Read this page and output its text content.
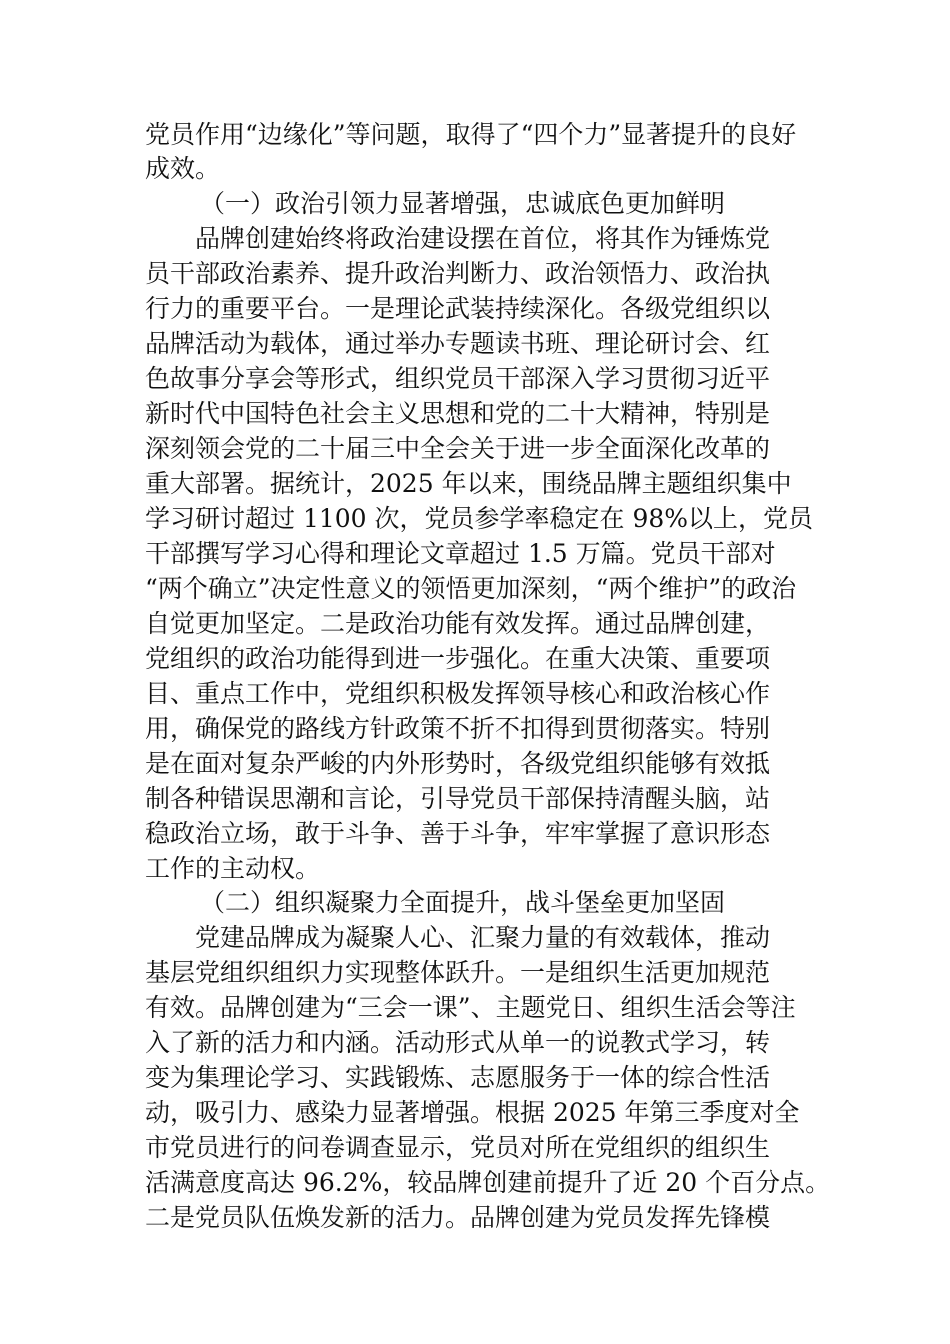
党员作用“边缘化”等问题，取得了“四个力”显著提升的良好
成效。
（一）政治引领力显著增强，忠诚底色更加鲜明
品牌创建始终将政治建设摆在首位，将其作为锤炼党
员干部政治素养、提升政治判断力、政治领悟力、政治执
行力的重要平台。一是理论武装持续深化。各级党组织以
品牌活动为载体，通过举办专题读书班、理论研讨会、红
色故事分享会等形式，组织党员干部深入学习贯彻习近平
新时代中国特色社会主义思想和党的二十大精神，特别是
深刻领会党的二十届三中全会关于进一步全面深化改革的
重大部署。据统计，2025 年以来，围绕品牌主题组织集中
学习研讨超过 1100 次，党员参学率稳定在 98%以上，党员
干部撰写学习心得和理论文章超过 1.5 万篇。党员干部对
“两个确立”决定性意义的领悟更加深刻，“两个维护”的政治
自觉更加坚定。二是政治功能有效发挥。通过品牌创建，
党组织的政治功能得到进一步强化。在重大决策、重要项
目、重点工作中，党组织积极发挥领导核心和政治核心作
用，确保党的路线方针政策不折不扣得到贯彻落实。特别
是在面对复杂严峻的内外形势时，各级党组织能够有效抵
制各种错误思潮和言论，引导党员干部保持清醒头脑，站
稳政治立场，敢于斗争、善于斗争，牢牢掌握了意识形态
工作的主动权。
（二）组织凝聚力全面提升，战斗堡垒更加坚固
党建品牌成为凝聚人心、汇聚力量的有效载体，推动
基层党组织组织力实现整体跃升。一是组织生活更加规范
有效。品牌创建为“三会一课”、主题党日、组织生活会等注
入了新的活力和内涵。活动形式从单一的说教式学习，转
变为集理论学习、实践锻炼、志愿服务于一体的综合性活
动，吸引力、感染力显著增强。根据 2025 年第三季度对全
市党员进行的问卷调查显示，党员对所在党组织的组织生
活满意度高达 96.2%，较品牌创建前提升了近 20 个百分点。
二是党员队伍焕发新的活力。品牌创建为党员发挥先锋模
